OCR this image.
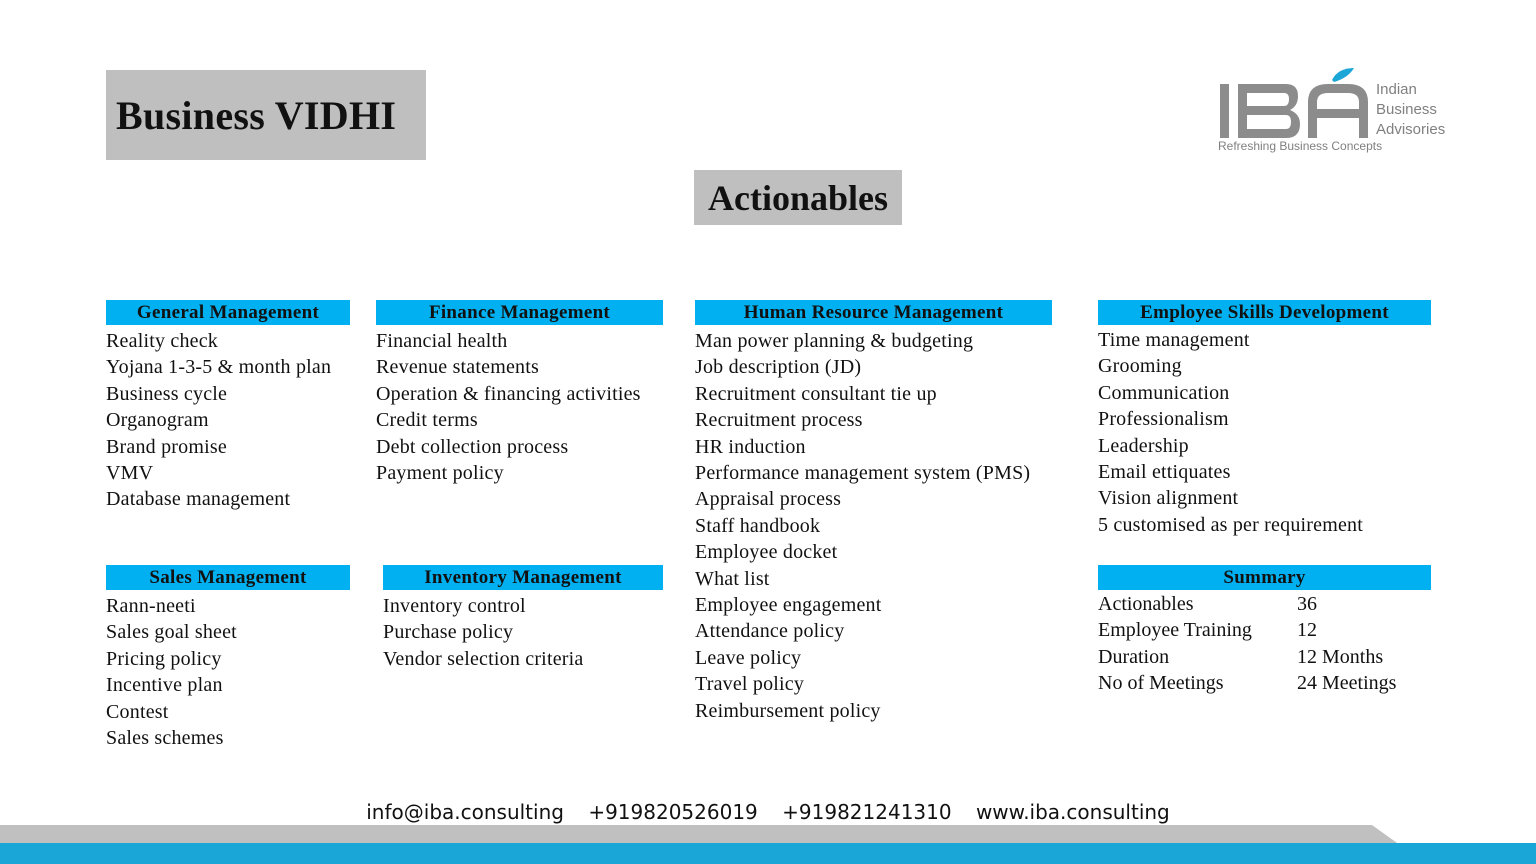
Business VIDHI
Indian
Business
Advisories
Refreshing Business Concepts
Actionables
General Management
Reality check
Yojana 1-3-5 & month plan
Business cycle
Organogram
Brand promise
VMV
Database management
Finance Management
Financial health
Revenue statements
Operation & financing activities
Credit terms
Debt collection process
Payment policy
Human Resource Management
Man power planning & budgeting
Job description (JD)
Recruitment consultant tie up
Recruitment process
HR induction
Performance management system (PMS)
Appraisal process
Staff handbook
Employee docket
What list
Employee engagement
Attendance policy
Leave policy
Travel policy
Reimbursement policy
Employee Skills Development
Time management
Grooming
Communication
Professionalism
Leadership
Email ettiquates
Vision alignment
5 customised as per requirement
Sales Management
Rann-neeti
Sales goal sheet
Pricing policy
Incentive plan
Contest
Sales schemes
Inventory Management
Inventory control
Purchase policy
Vendor selection criteria
Summary
Actionables	36
Employee Training	12
Duration	12 Months
No of Meetings	24 Meetings
info@iba.consulting +919820526019 +919821241310 www.iba.consulting
